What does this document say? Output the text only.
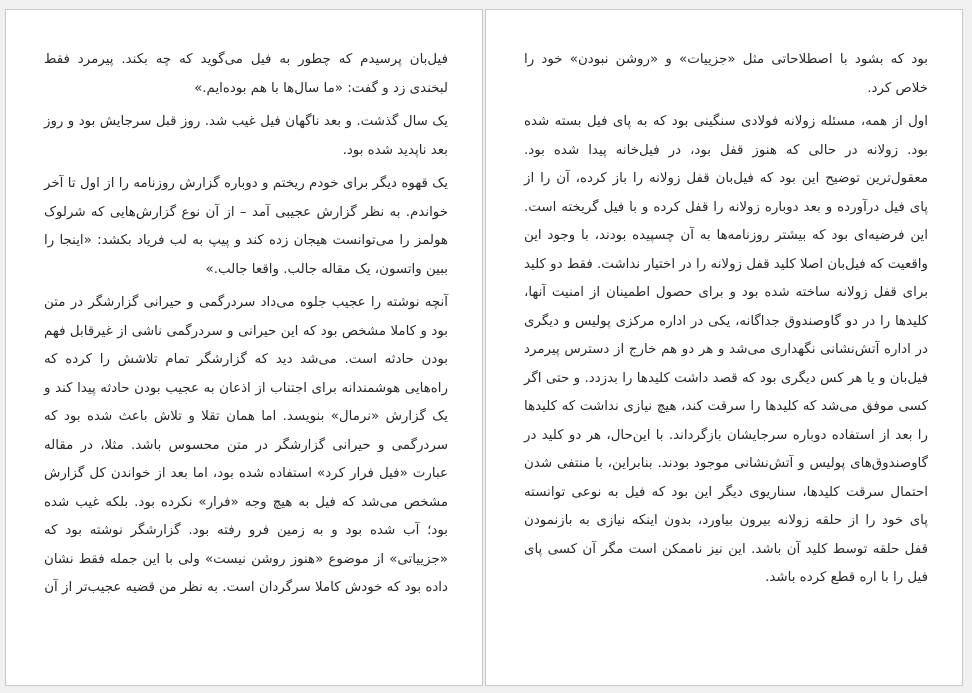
بود که بشود با اصطلاحاتی مثل «جزییات» و «روشن نبودن» خود را خلاص کرد.

اول از همه، مسئله زولانه فولادی سنگینی بود که به پای فیل بسته شده بود. زولانه در حالی که هنوز قفل بود، در فیل‌خانه پیدا شده بود. معقول‌ترین توضیح این بود که فیل‌بان قفل زولانه را باز کرده، آن را از پای فیل درآورده و بعد دوباره زولانه را قفل کرده و با فیل گریخته است. این فرضیه‌ای بود که بیشتر روزنامه‌ها به آن چسپیده بودند، با وجود این واقعیت که فیل‌بان اصلا کلید قفل زولانه را در اختیار نداشت. فقط دو کلید برای قفل زولانه ساخته شده بود و برای حصول اطمینان از امنیت آنها، کلیدها را در دو گاوصندوق جداگانه، یکی در اداره مرکزی پولیس و دیگری در اداره آتش‌نشانی نگهداری می‌شد و هر دو هم خارج از دسترس پیرمرد فیل‌بان و یا هر کس دیگری بود که قصد داشت کلیدها را بدزدد. و حتی اگر کسی موفق می‌شد که کلیدها را سرقت کند، هیچ نیازی نداشت که کلیدها را بعد از استفاده دوباره سرجایشان بازگرداند. با این‌حال، هر دو کلید در گاوصندوق‌های پولیس و آتش‌نشانی موجود بودند. بنابراین، با منتفی شدن احتمال سرقت کلیدها، سناریوی دیگر این بود که فیل به نوعی توانسته پای خود را از حلقه زولانه بیرون بیاورد، بدون اینکه نیازی به بازنمودن قفل حلقه توسط کلید آن باشد. این نیز ناممکن است مگر آن کسی پای فیل را با اره قطع کرده باشد.

فیل‌بان پرسیدم که چطور به فیل می‌گوید که چه بکند. پیرمرد فقط لبخندی زد و گفت: «ما سال‌ها با هم بوده‌ایم.»

یک سال گذشت. و بعد ناگهان فیل غیب شد. روز قبل سرجایش بود و روز بعد ناپدید شده بود.

یک قهوه دیگر برای خودم ریختم و دوباره گزارش روزنامه را از اول تا آخر خواندم. به نظر گزارش عجیبی آمد – از آن نوع گزارش‌هایی که شرلوک هولمز را می‌توانست هیجان زده کند و پیپ به لب فریاد بکشد: «اینجا را ببین واتسون، یک مقاله جالب. واقعا جالب.»

آنچه نوشته را عجیب جلوه می‌داد سردرگمی و حیرانی گزارشگر در متن بود و کاملا مشخص بود که این حیرانی و سردرگمی ناشی از غیرقابل فهم بودن حادثه است. می‌شد دید که گزارشگر تمام تلاشش را کرده که راه‌هایی هوشمندانه برای اجتناب از اذعان به عجیب بودن حادثه پیدا کند و یک گزارش «نرمال» بنویسد. اما همان تقلا و تلاش باعث شده بود که سردرگمی و حیرانی گزارشگر در متن محسوس باشد. مثلا، در مقاله عبارت «فیل فرار کرد» استفاده شده بود، اما بعد از خواندن کل گزارش مشخص می‌شد که فیل به هیچ وجه «فرار» نکرده بود. بلکه غیب شده بود؛ آب شده بود و به زمین فرو رفته بود. گزارشگر نوشته بود که «جزییاتی» از موضوع «هنوز روشن نیست» ولی با این جمله فقط نشان داده بود که خودش کاملا سرگردان است. به نظر من قضیه عجیب‌تر از آن
